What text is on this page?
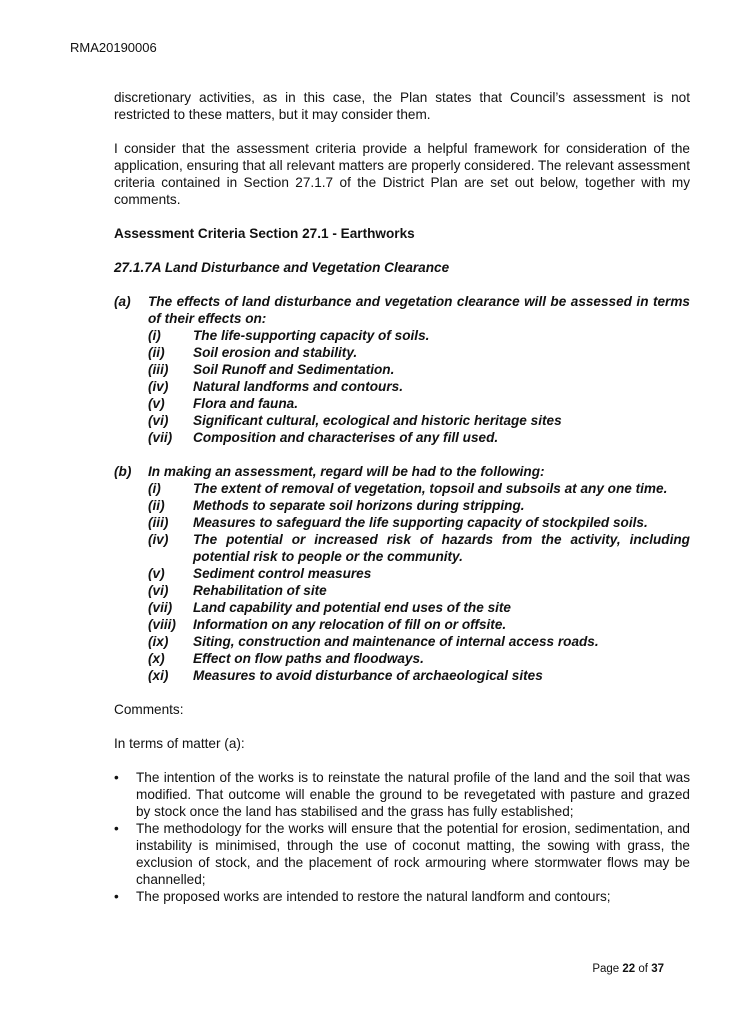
RMA20190006

discretionary activities, as in this case, the Plan states that Council’s assessment is not restricted to these matters, but it may consider them.

I consider that the assessment criteria provide a helpful framework for consideration of the application, ensuring that all relevant matters are properly considered. The relevant assessment criteria contained in Section 27.1.7 of the District Plan are set out below, together with my comments.

Assessment Criteria Section 27.1 - Earthworks
27.1.7A Land Disturbance and Vegetation Clearance
(a)	The effects of land disturbance and vegetation clearance will be assessed in terms of their effects on:
(i)	The life-supporting capacity of soils.
(ii)	Soil erosion and stability.
(iii)	Soil Runoff and Sedimentation.
(iv)	Natural landforms and contours.
(v)	Flora and fauna.
(vi)	Significant cultural, ecological and historic heritage sites
(vii)	Composition and characterises of any fill used.
(b)	In making an assessment, regard will be had to the following:
(i)	The extent of removal of vegetation, topsoil and subsoils at any one time.
(ii)	Methods to separate soil horizons during stripping.
(iii)	Measures to safeguard the life supporting capacity of stockpiled soils.
(iv)	The potential or increased risk of hazards from the activity, including potential risk to people or the community.
(v)	Sediment control measures
(vi)	Rehabilitation of site
(vii)	Land capability and potential end uses of the site
(viii)	Information on any relocation of fill on or offsite.
(ix)	Siting, construction and maintenance of internal access roads.
(x)	Effect on flow paths and floodways.
(xi)	Measures to avoid disturbance of archaeological sites

Comments:

In terms of matter (a):

•	The intention of the works is to reinstate the natural profile of the land and the soil that was modified. That outcome will enable the ground to be revegetated with pasture and grazed by stock once the land has stabilised and the grass has fully established;
•	The methodology for the works will ensure that the potential for erosion, sedimentation, and instability is minimised, through the use of coconut matting, the sowing with grass, the exclusion of stock, and the placement of rock armouring where stormwater flows may be channelled;
•	The proposed works are intended to restore the natural landform and contours;
Page 22 of 37
